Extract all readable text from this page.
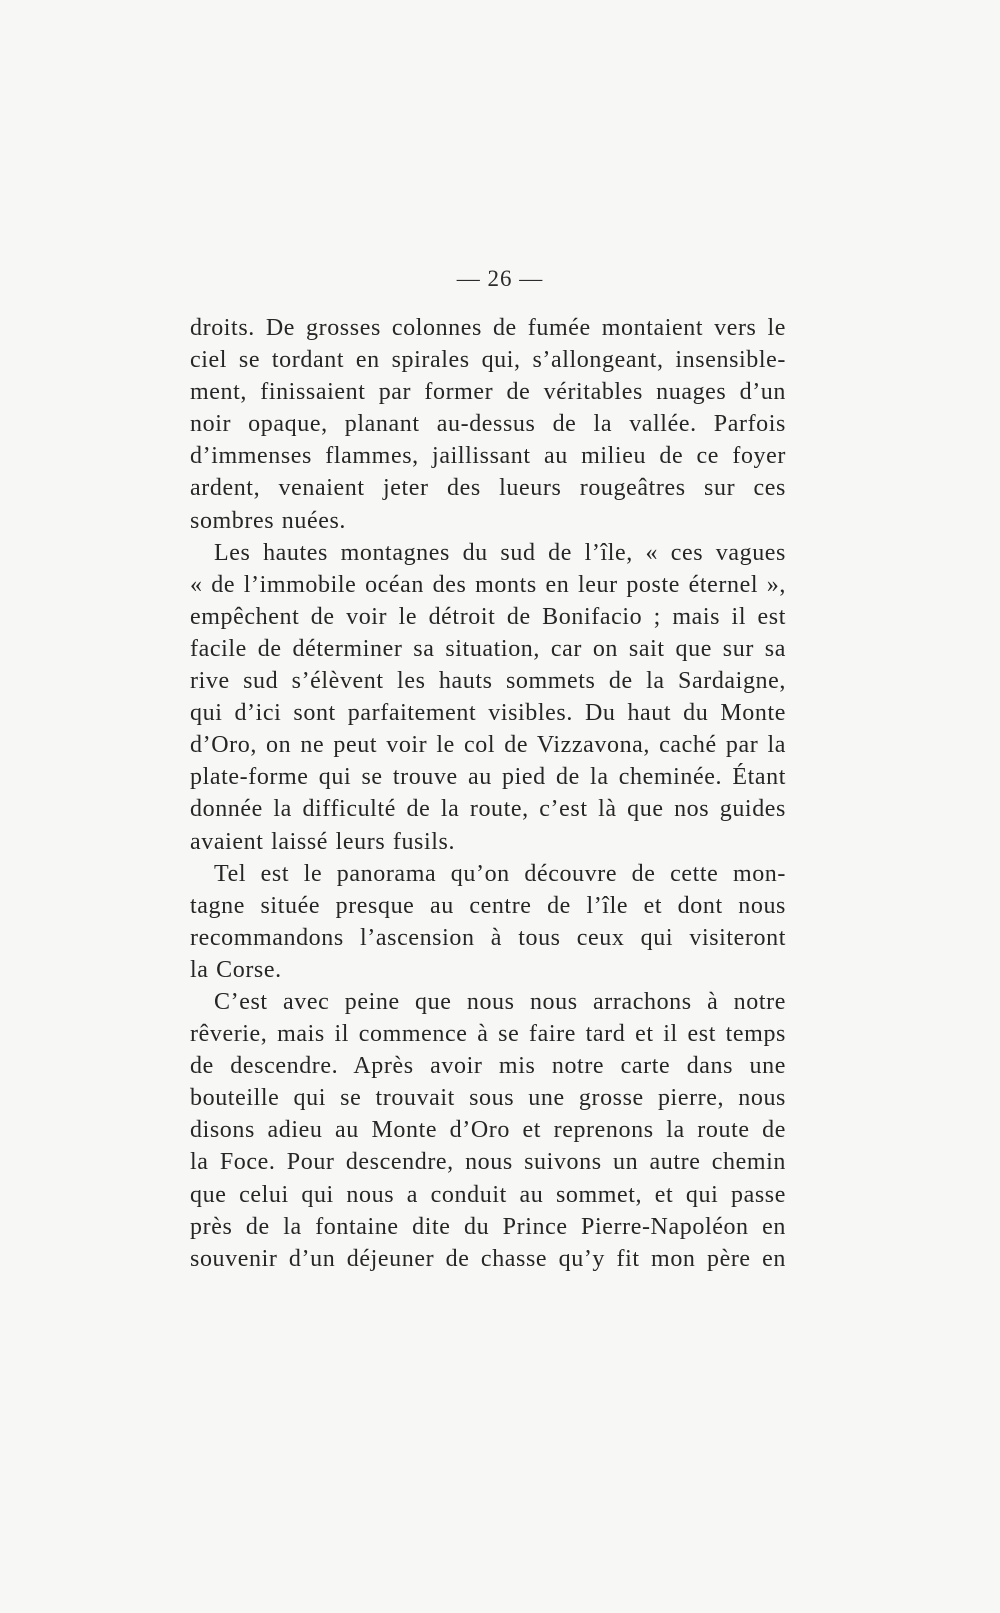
— 26 —
droits. De grosses colonnes de fumée montaient vers le
ciel se tordant en spirales qui, s’allongeant, insensible-
ment, finissaient par former de véritables nuages d’un
noir opaque, planant au-dessus de la vallée. Parfois
d’immenses flammes, jaillissant au milieu de ce foyer
ardent, venaient jeter des lueurs rougeâtres sur ces
sombres nuées.
Les hautes montagnes du sud de l’île, « ces vagues
« de l’immobile océan des monts en leur poste éternel »,
empêchent de voir le détroit de Bonifacio ; mais il est
facile de déterminer sa situation, car on sait que sur sa
rive sud s’élèvent les hauts sommets de la Sardaigne,
qui d’ici sont parfaitement visibles. Du haut du Monte
d’Oro, on ne peut voir le col de Vizzavona, caché par la
plate-forme qui se trouve au pied de la cheminée. Étant
donnée la difficulté de la route, c’est là que nos guides
avaient laissé leurs fusils.
Tel est le panorama qu’on découvre de cette mon-
tagne située presque au centre de l’île et dont nous
recommandons l’ascension à tous ceux qui visiteront
la Corse.
C’est avec peine que nous nous arrachons à notre
rêverie, mais il commence à se faire tard et il est temps
de descendre. Après avoir mis notre carte dans une
bouteille qui se trouvait sous une grosse pierre, nous
disons adieu au Monte d’Oro et reprenons la route de
la Foce. Pour descendre, nous suivons un autre chemin
que celui qui nous a conduit au sommet, et qui passe
près de la fontaine dite du Prince Pierre-Napoléon en
souvenir d’un déjeuner de chasse qu’y fit mon père en
